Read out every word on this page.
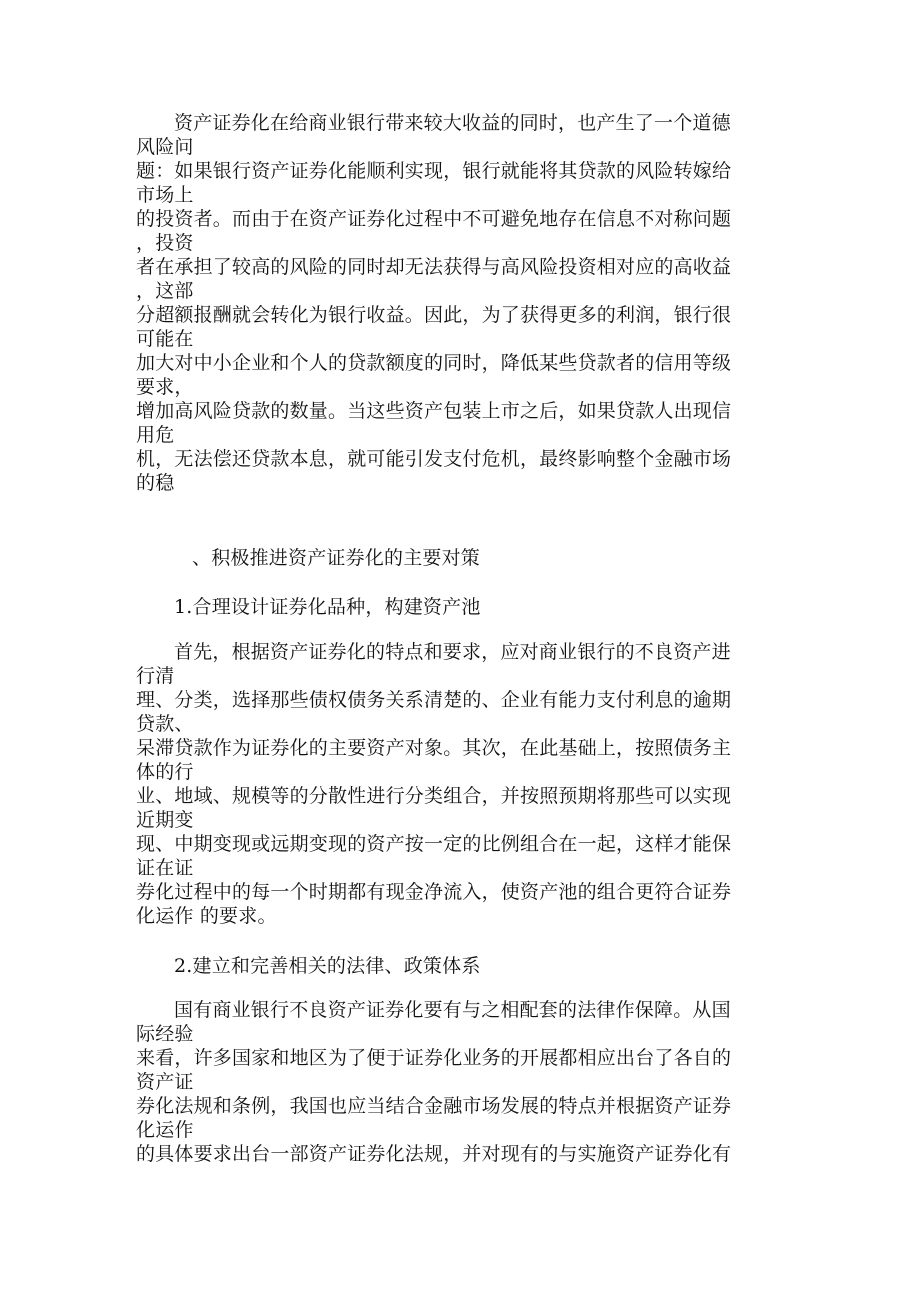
资产证券化在给商业银行带来较大收益的同时，也产生了一个道德
风险问
题：如果银行资产证券化能顺利实现，银行就能将其贷款的风险转嫁给
市场上
的投资者。而由于在资产证券化过程中不可避免地存在信息不对称问题
，投资
者在承担了较高的风险的同时却无法获得与高风险投资相对应的高收益
，这部
分超额报酬就会转化为银行收益。因此，为了获得更多的利润，银行很
可能在
加大对中小企业和个人的贷款额度的同时，降低某些贷款者的信用等级
要求，
增加高风险贷款的数量。当这些资产包装上市之后，如果贷款人出现信
用危
机，无法偿还贷款本息，就可能引发支付危机，最终影响整个金融市场
的稳
、积极推进资产证券化的主要对策
1.合理设计证券化品种，构建资产池
首先，根据资产证券化的特点和要求，应对商业银行的不良资产进
行清
理、分类，选择那些债权债务关系清楚的、企业有能力支付利息的逾期
贷款、
呆滞贷款作为证券化的主要资产对象。其次，在此基础上，按照债务主
体的行
业、地域、规模等的分散性进行分类组合，并按照预期将那些可以实现
近期变
现、中期变现或远期变现的资产按一定的比例组合在一起，这样才能保
证在证
券化过程中的每一个时期都有现金净流入，使资产池的组合更符合证券
化运作 的要求。
2.建立和完善相关的法律、政策体系
国有商业银行不良资产证券化要有与之相配套的法律作保障。从国
际经验
来看，许多国家和地区为了便于证券化业务的开展都相应出台了各自的
资产证
券化法规和条例，我国也应当结合金融市场发展的特点并根据资产证券
化运作
的具体要求出台一部资产证券化法规，并对现有的与实施资产证券化有
